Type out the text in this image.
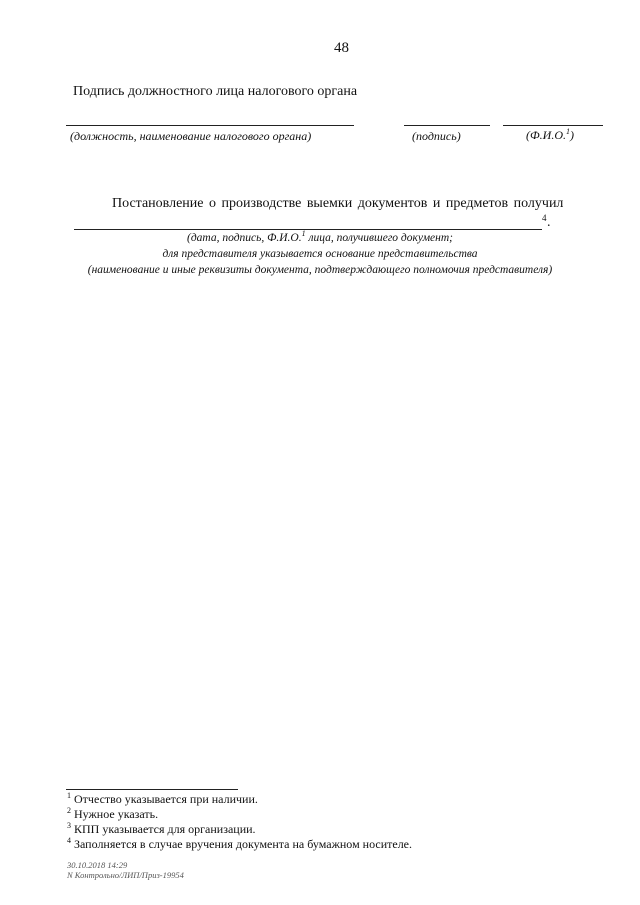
48
Подпись должностного лица налогового органа
(должность, наименование налогового органа)	(подпись)	(Ф.И.О.$^1$)
Постановление о производстве выемки документов и предметов получил
4 .
(дата, подпись, Ф.И.О.$^1$ лица, получившего документ;
для представителя указывается основание представительства
(наименование и иные реквизиты документа, подтверждающего полномочия представителя)
$^1$ Отчество указывается при наличии.
$^2$ Нужное указать.
$^3$ КПП указывается для организации.
$^4$ Заполняется в случае вручения документа на бумажном носителе.
30.10.2018 14:29
N Контрольно/ЛИП/Приз-19954
